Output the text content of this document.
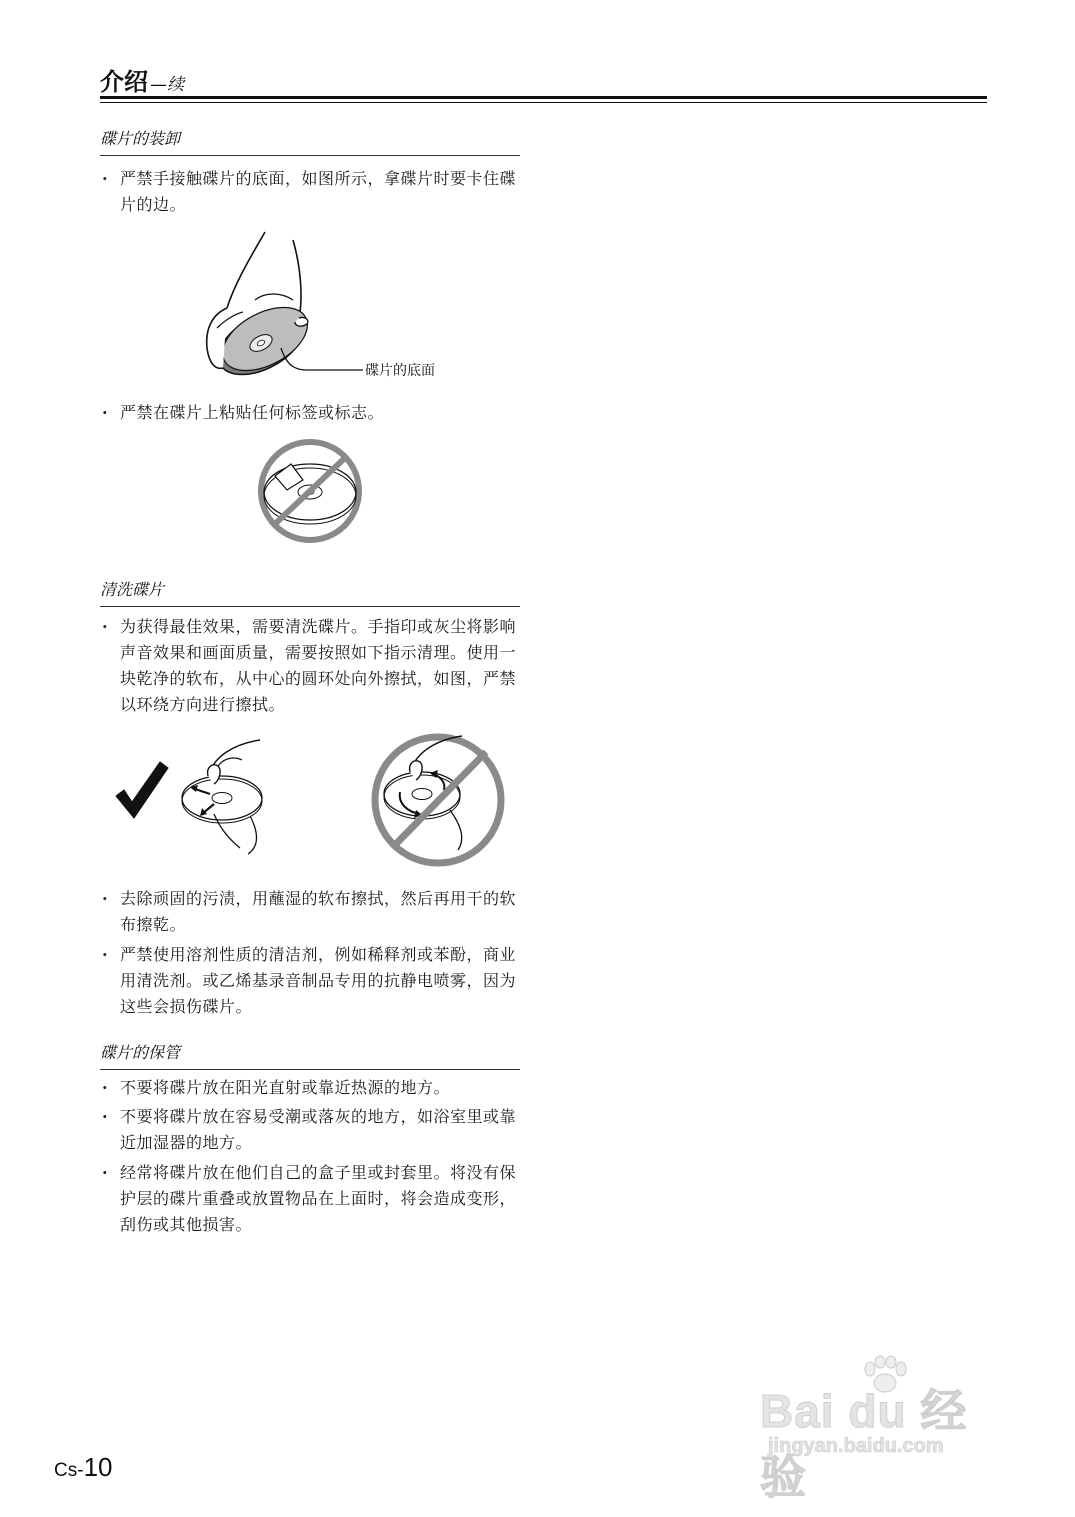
介绍 —续
碟片的装卸
· 严禁手接触碟片的底面，如图所示，拿碟片时要卡住碟片的边。
碟片的底面
· 严禁在碟片上粘贴任何标签或标志。
清洗碟片
· 为获得最佳效果，需要清洗碟片。手指印或灰尘将影响声音效果和画面质量，需要按照如下指示清理。使用一块乾净的软布，从中心的圆环处向外擦拭，如图，严禁以环绕方向进行擦拭。
· 去除顽固的污渍，用蘸湿的软布擦拭，然后再用干的软布擦乾。
· 严禁使用溶剂性质的清洁剂，例如稀释剂或苯酚，商业用清洗剂。或乙烯基录音制品专用的抗静电喷雾，因为这些会损伤碟片。
碟片的保管
· 不要将碟片放在阳光直射或靠近热源的地方。
· 不要将碟片放在容易受潮或落灰的地方，如浴室里或靠近加湿器的地方。
· 经常将碟片放在他们自己的盒子里或封套里。将没有保护层的碟片重叠或放置物品在上面时，将会造成变形，刮伤或其他损害。
Cs-10
Bai du 经验
jingyan.baidu.com
